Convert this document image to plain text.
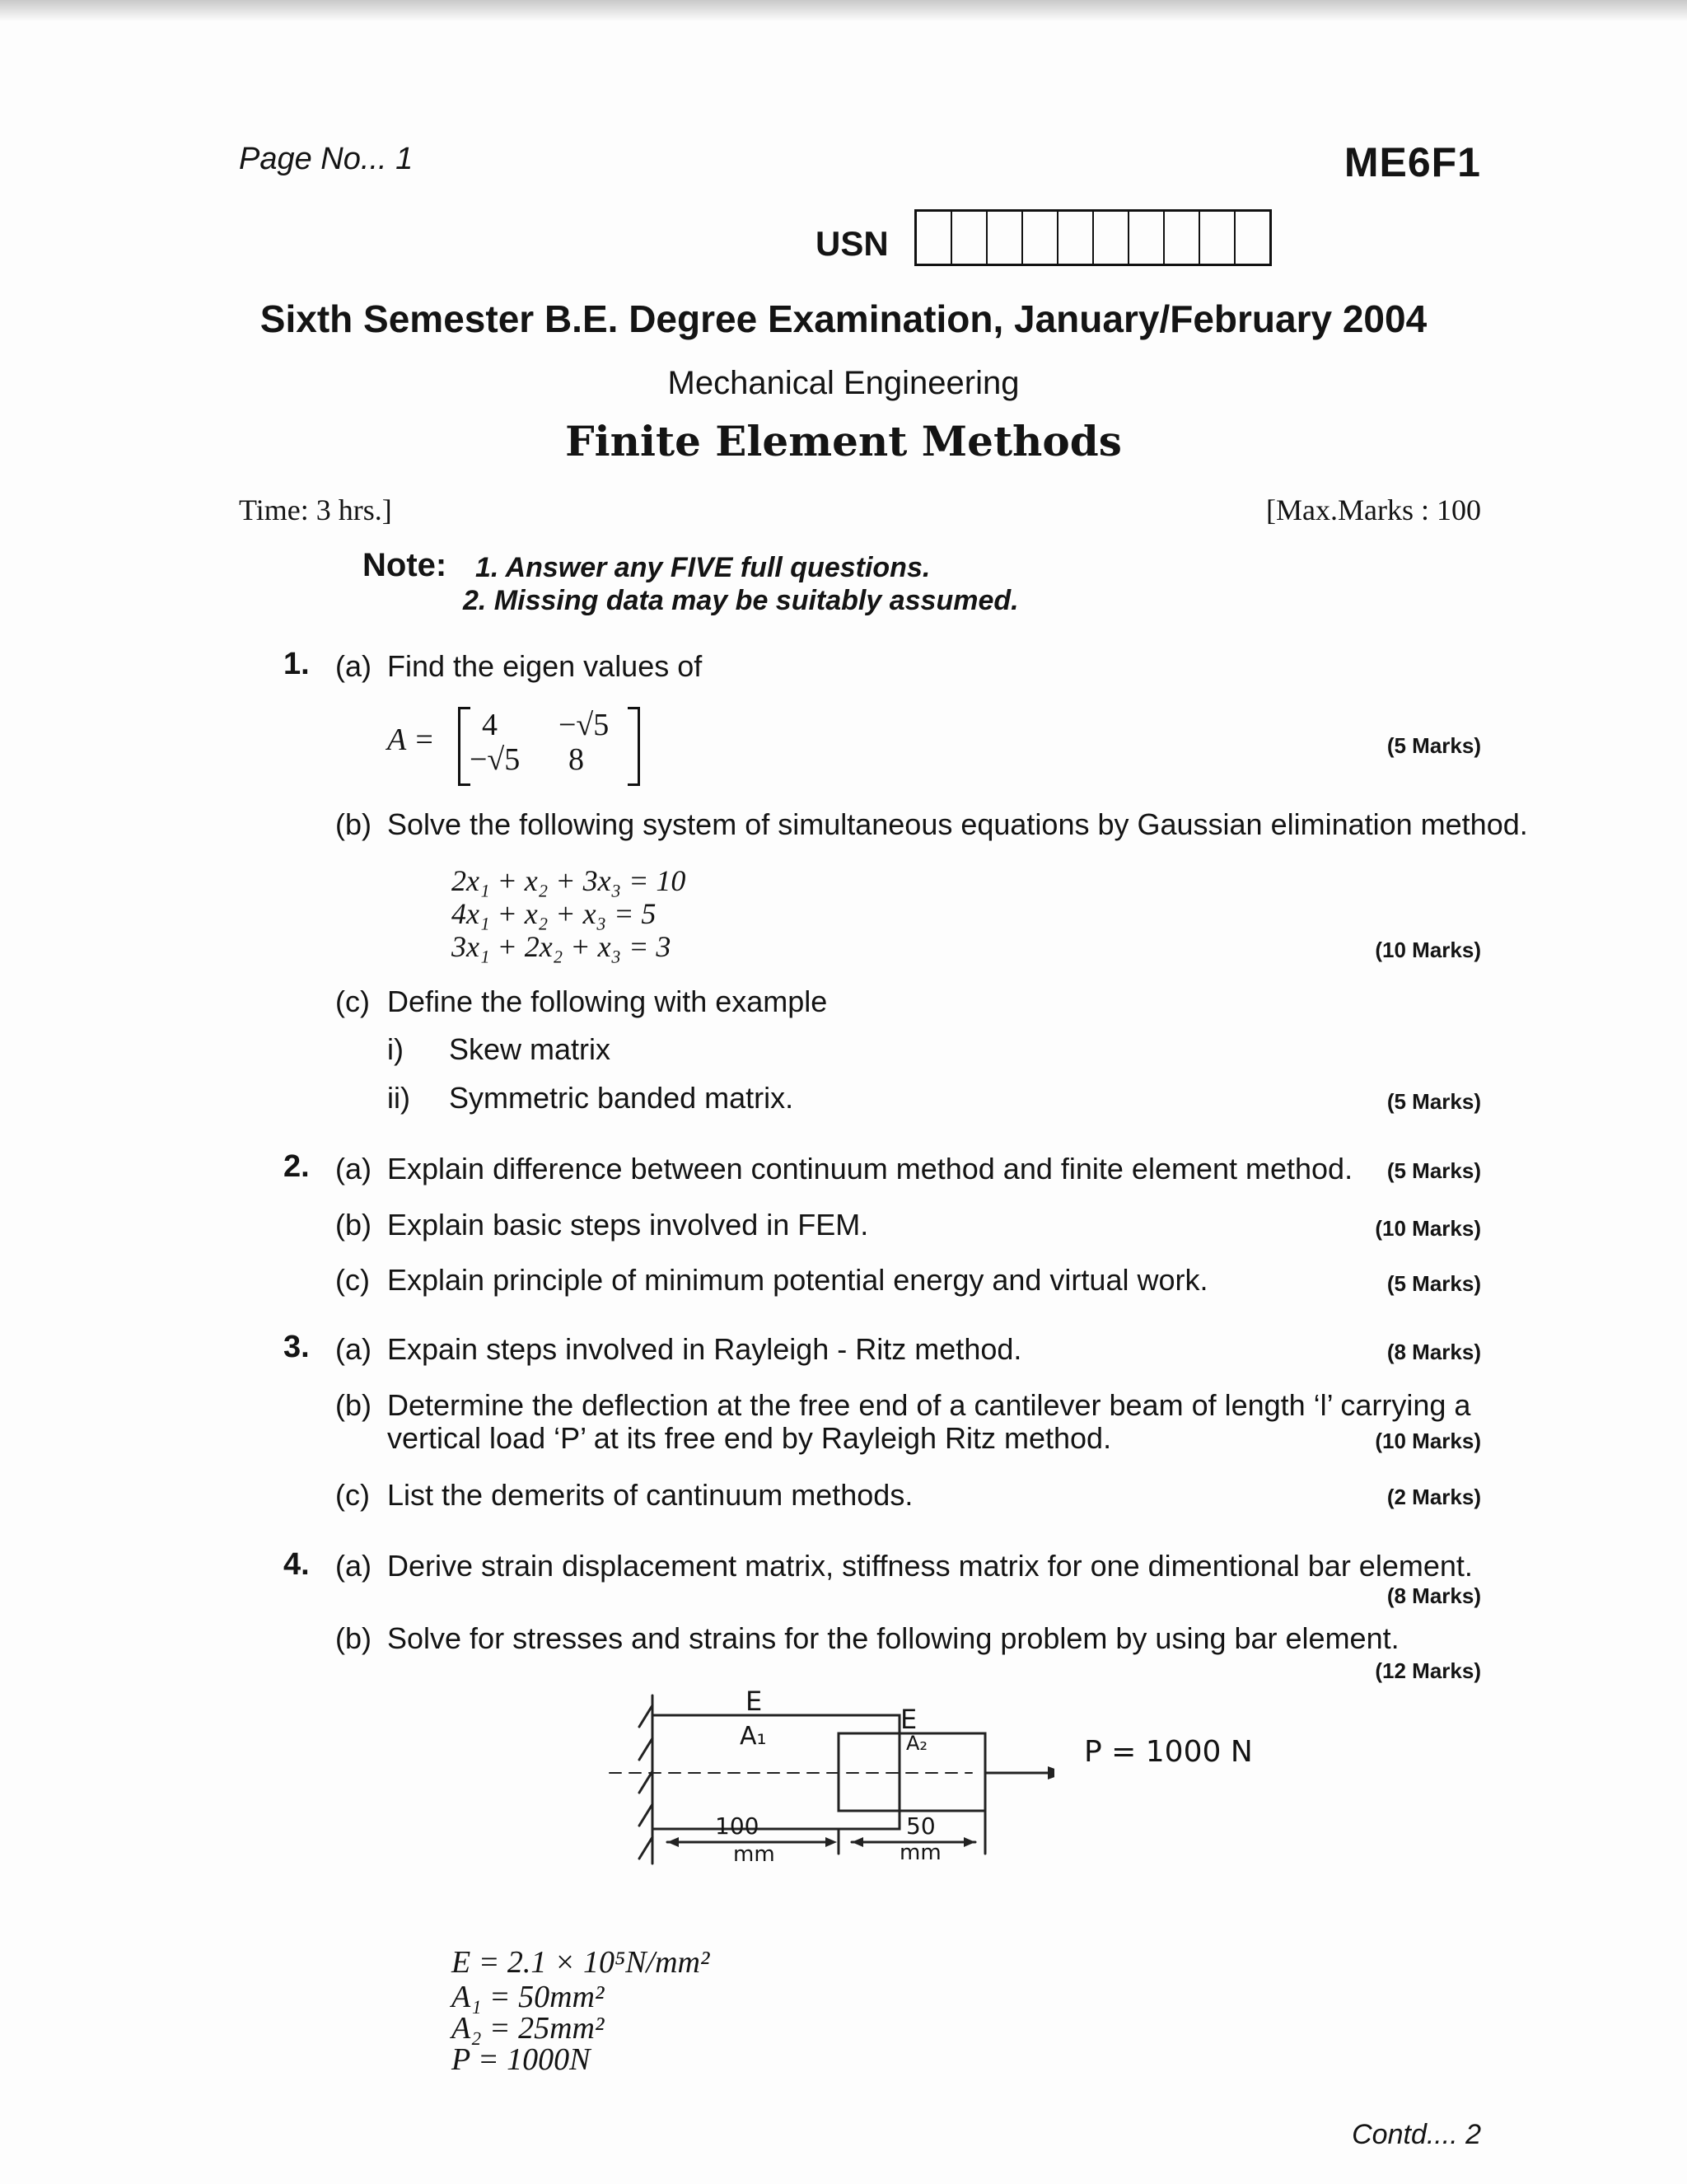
Page No... 1	ME6F1
USN
Sixth Semester B.E. Degree Examination, January/February 2004
Mechanical Engineering
Finite Element Methods
Time: 3 hrs.]	[Max.Marks : 100
Note: 1. Answer any FIVE full questions.
2. Missing data may be suitably assumed.
1. (a) Find the eigen values of
A = 4 −√5
−√5 8	(5 Marks)
(b) Solve the following system of simultaneous equations by Gaussian elimination method.
2x₁ + x₂ + 3x₃ = 10
4x₁ + x₂ + x₃ = 5
3x₁ + 2x₂ + x₃ = 3	(10 Marks)
(c) Define the following with example
i) Skew matrix
ii) Symmetric banded matrix.	(5 Marks)
2. (a) Explain difference between continuum method and finite element method. (5 Marks)
(b) Explain basic steps involved in FEM.	(10 Marks)
(c) Explain principle of minimum potential energy and virtual work.	(5 Marks)
3. (a) Expain steps involved in Rayleigh - Ritz method.	(8 Marks)
(b) Determine the deflection at the free end of a cantilever beam of length ‘l’ carrying a
vertical load ‘P’ at its free end by Rayleigh Ritz method.	(10 Marks)
(c) List the demerits of cantinuum methods.	(2 Marks)
4. (a) Derive strain displacement matrix, stiffness matrix for one dimentional bar element.
(8 Marks)
(b) Solve for stresses and strains for the following problem by using bar element.
(12 Marks)
E
E
A₁	A₂	P = 1000 N
100
mm
50
mm
E = 2.1 × 10⁵N/mm²
A₁ = 50mm²
A₂ = 25mm²
P = 1000N
Contd.... 2
